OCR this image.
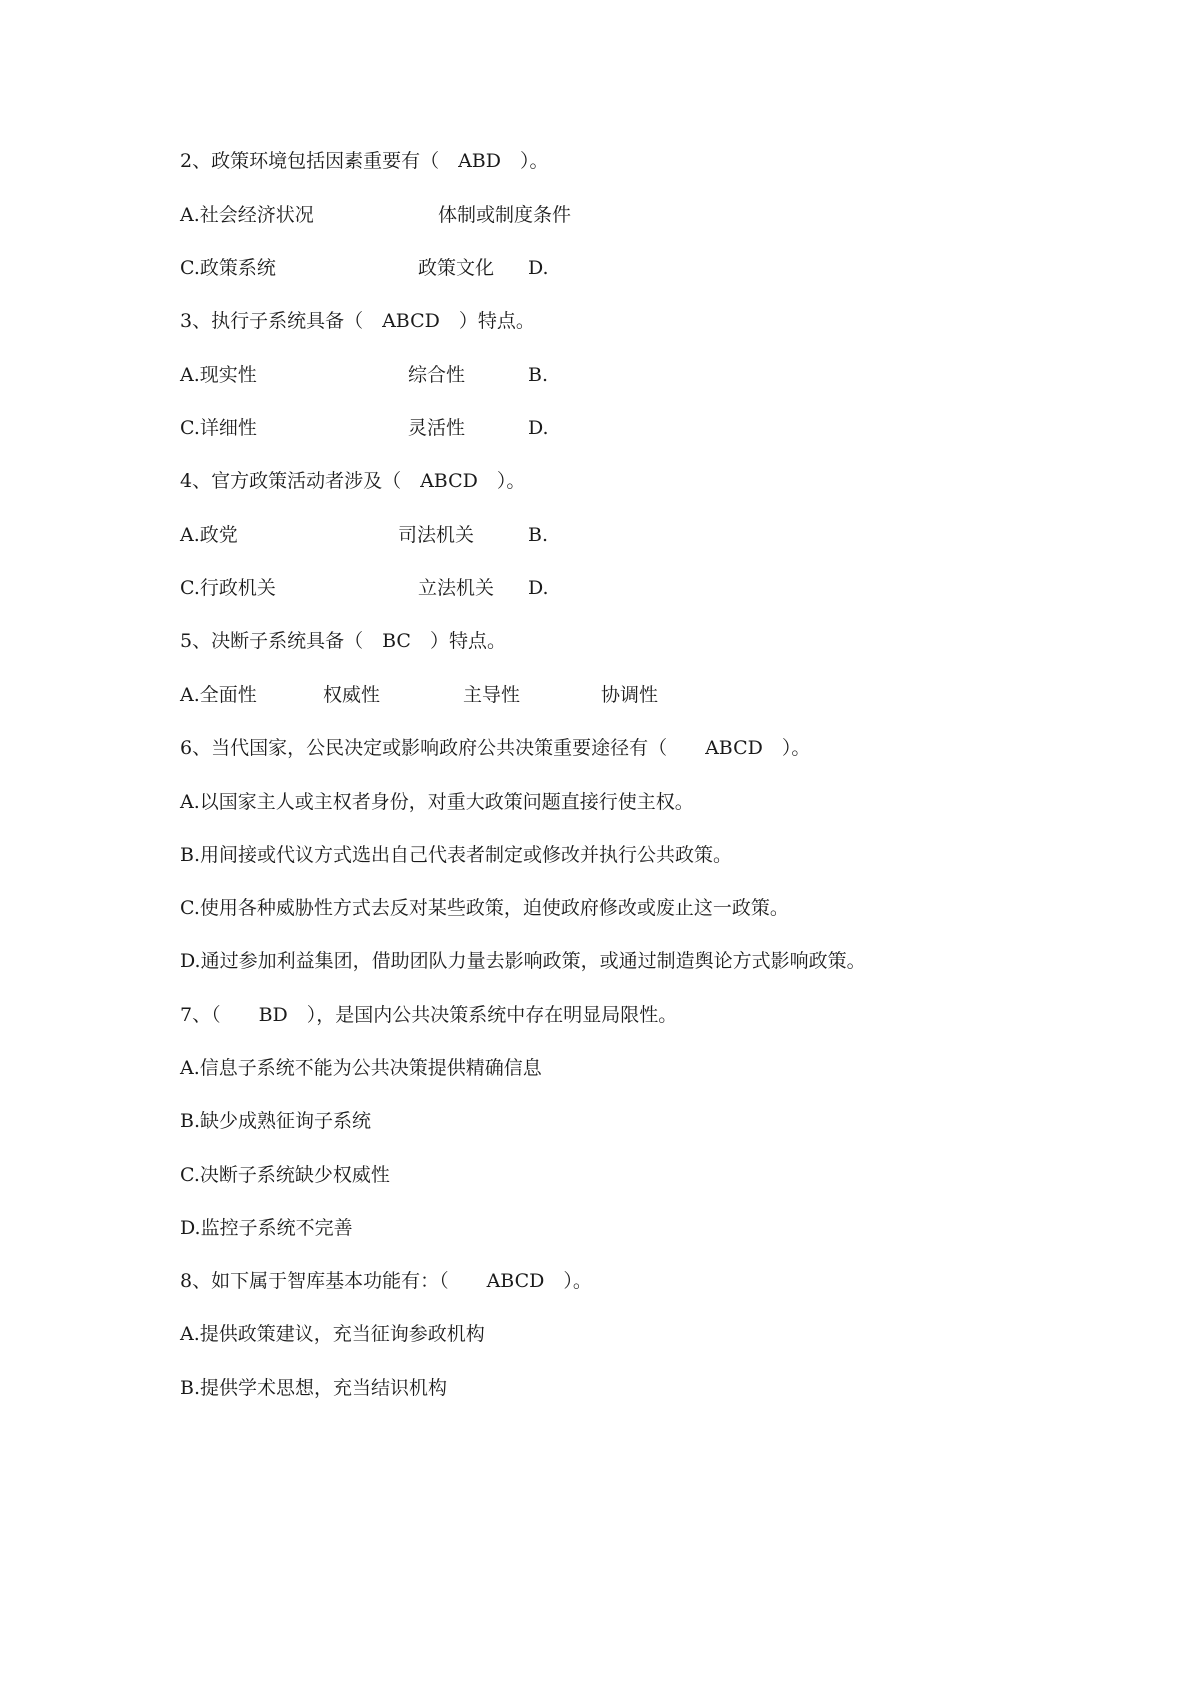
2、政策环境包括因素重要有（　ABD　）。
A.社会经济状况	体制或制度条件
C.政策系统	政策文化 D.
3、执行子系统具备（　ABCD　）特点。
A.现实性	综合性	B.
C.详细性	灵活性	D.
4、官方政策活动者涉及（　ABCD　）。
A.政党	司法机关	B.
C.行政机关	立法机关 D.
5、决断子系统具备（　BC　）特点。
A.全面性	权威性	主导性	协调性
6、当代国家，公民决定或影响政府公共决策重要途径有（　　ABCD　）。
A.以国家主人或主权者身份，对重大政策问题直接行使主权。
B.用间接或代议方式选出自己代表者制定或修改并执行公共政策。
C.使用各种威胁性方式去反对某些政策，迫使政府修改或废止这一政策。
D.通过参加利益集团，借助团队力量去影响政策，或通过制造舆论方式影响政策。
7、（　　BD　），是国内公共决策系统中存在明显局限性。
A.信息子系统不能为公共决策提供精确信息
B.缺少成熟征询子系统
C.决断子系统缺少权威性
D.监控子系统不完善
8、如下属于智库基本功能有：（　　ABCD　）。
A.提供政策建议，充当征询参政机构
B.提供学术思想，充当结识机构
